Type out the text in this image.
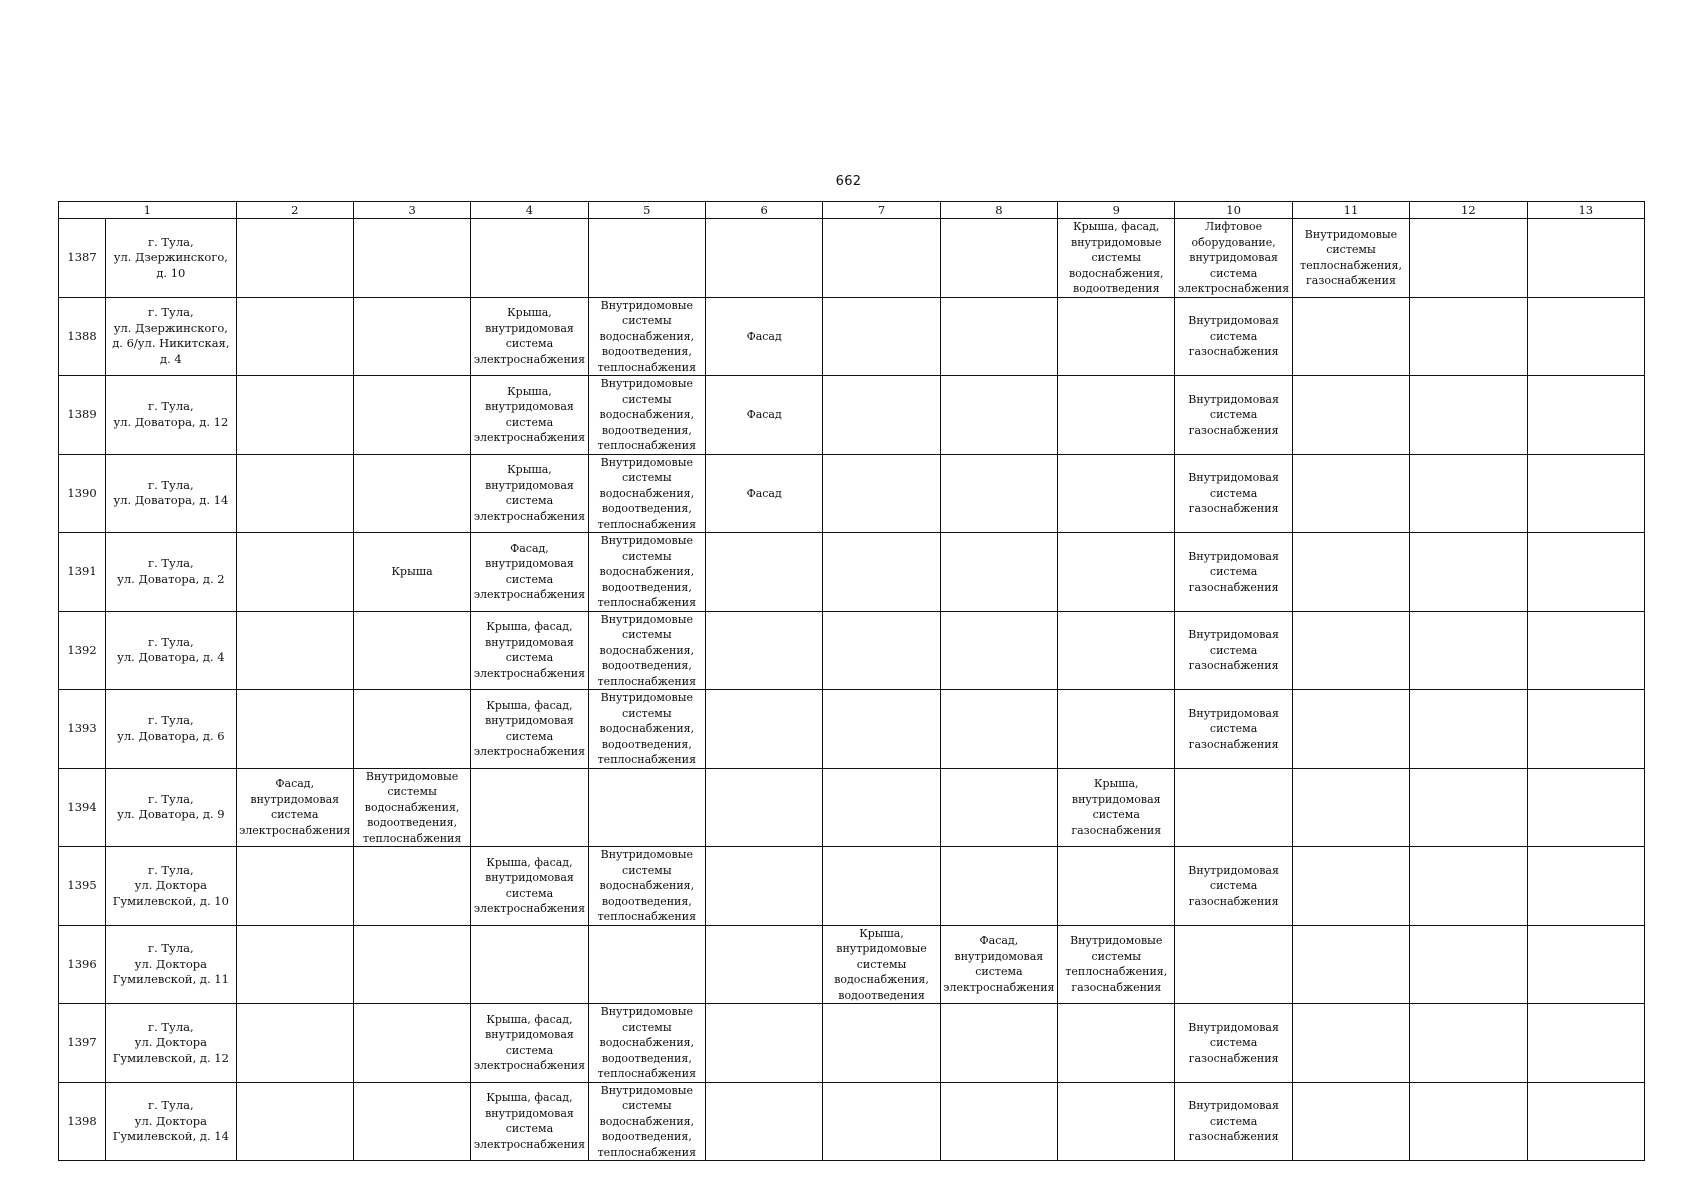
662
1		2	3	4	5	6	7	8	9	10	11	12	13
1387	г. Тула,
ул. Дзержинского,
д. 10								Крыша, фасад,
внутридомовые
системы
водоснабжения,
водоотведения	Лифтовое
оборудование,
внутридомовая
система
электроснабжения	Внутридомовые
системы
теплоснабжения,
газоснабжения		
1388	г. Тула,
ул. Дзержинского,
д. 6/ул. Никитская,
д. 4			Крыша,
внутридомовая
система
электроснабжения	Внутридомовые
системы
водоснабжения,
водоотведения,
теплоснабжения	Фасад				Внутридомовая
система
газоснабжения			
1389	г. Тула,
ул. Доватора, д. 12			Крыша,
внутридомовая
система
электроснабжения	Внутридомовые
системы
водоснабжения,
водоотведения,
теплоснабжения	Фасад				Внутридомовая
система
газоснабжения			
1390	г. Тула,
ул. Доватора, д. 14			Крыша,
внутридомовая
система
электроснабжения	Внутридомовые
системы
водоснабжения,
водоотведения,
теплоснабжения	Фасад				Внутридомовая
система
газоснабжения			
1391	г. Тула,
ул. Доватора, д. 2		Крыша	Фасад,
внутридомовая
система
электроснабжения	Внутридомовые
системы
водоснабжения,
водоотведения,
теплоснабжения					Внутридомовая
система
газоснабжения			
1392	г. Тула,
ул. Доватора, д. 4			Крыша, фасад,
внутридомовая
система
электроснабжения	Внутридомовые
системы
водоснабжения,
водоотведения,
теплоснабжения					Внутридомовая
система
газоснабжения			
1393	г. Тула,
ул. Доватора, д. 6			Крыша, фасад,
внутридомовая
система
электроснабжения	Внутридомовые
системы
водоснабжения,
водоотведения,
теплоснабжения					Внутридомовая
система
газоснабжения			
1394	г. Тула,
ул. Доватора, д. 9	Фасад,
внутридомовая
система
электроснабжения	Внутридомовые
системы
водоснабжения,
водоотведения,
теплоснабжения						Крыша,
внутридомовая
система
газоснабжения				
1395	г. Тула,
ул. Доктора
Гумилевской, д. 10			Крыша, фасад,
внутридомовая
система
электроснабжения	Внутридомовые
системы
водоснабжения,
водоотведения,
теплоснабжения					Внутридомовая
система
газоснабжения			
1396	г. Тула,
ул. Доктора
Гумилевской, д. 11						Крыша,
внутридомовые
системы
водоснабжения,
водоотведения	Фасад,
внутридомовая
система
электроснабжения	Внутридомовые
системы
теплоснабжения,
газоснабжения				
1397	г. Тула,
ул. Доктора
Гумилевской, д. 12			Крыша, фасад,
внутридомовая
система
электроснабжения	Внутридомовые
системы
водоснабжения,
водоотведения,
теплоснабжения					Внутридомовая
система
газоснабжения			
1398	г. Тула,
ул. Доктора
Гумилевской, д. 14			Крыша, фасад,
внутридомовая
система
электроснабжения	Внутридомовые
системы
водоснабжения,
водоотведения,
теплоснабжения					Внутридомовая
система
газоснабжения			
